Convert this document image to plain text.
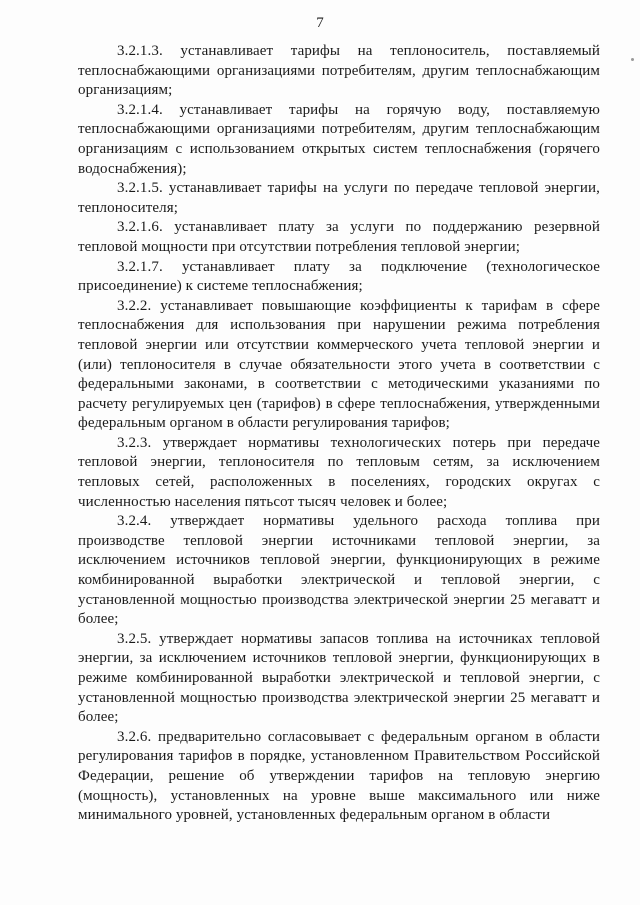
7

3.2.1.3. устанавливает тарифы на теплоноситель, поставляемый теплоснабжающими организациями потребителям, другим теплоснабжающим организациям;

3.2.1.4. устанавливает тарифы на горячую воду, поставляемую теплоснабжающими организациями потребителям, другим теплоснабжающим организациям с использованием открытых систем теплоснабжения (горячего водоснабжения);

3.2.1.5. устанавливает тарифы на услуги по передаче тепловой энергии, теплоносителя;

3.2.1.6. устанавливает плату за услуги по поддержанию резервной тепловой мощности при отсутствии потребления тепловой энергии;

3.2.1.7. устанавливает плату за подключение (технологическое присоединение) к системе теплоснабжения;

3.2.2. устанавливает повышающие коэффициенты к тарифам в сфере теплоснабжения для использования при нарушении режима потребления тепловой энергии или отсутствии коммерческого учета тепловой энергии и (или) теплоносителя в случае обязательности этого учета в соответствии с федеральными законами, в соответствии с методическими указаниями по расчету регулируемых цен (тарифов) в сфере теплоснабжения, утвержденными федеральным органом в области регулирования тарифов;

3.2.3. утверждает нормативы технологических потерь при передаче тепловой энергии, теплоносителя по тепловым сетям, за исключением тепловых сетей, расположенных в поселениях, городских округах с численностью населения пятьсот тысяч человек и более;

3.2.4. утверждает нормативы удельного расхода топлива при производстве тепловой энергии источниками тепловой энергии, за исключением источников тепловой энергии, функционирующих в режиме комбинированной выработки электрической и тепловой энергии, с установленной мощностью производства электрической энергии 25 мегаватт и более;

3.2.5. утверждает нормативы запасов топлива на источниках тепловой энергии, за исключением источников тепловой энергии, функционирующих в режиме комбинированной выработки электрической и тепловой энергии, с установленной мощностью производства электрической энергии 25 мегаватт и более;

3.2.6. предварительно согласовывает с федеральным органом в области регулирования тарифов в порядке, установленном Правительством Российской Федерации, решение об утверждении тарифов на тепловую энергию (мощность), установленных на уровне выше максимального или ниже минимального уровней, установленных федеральным органом в области
